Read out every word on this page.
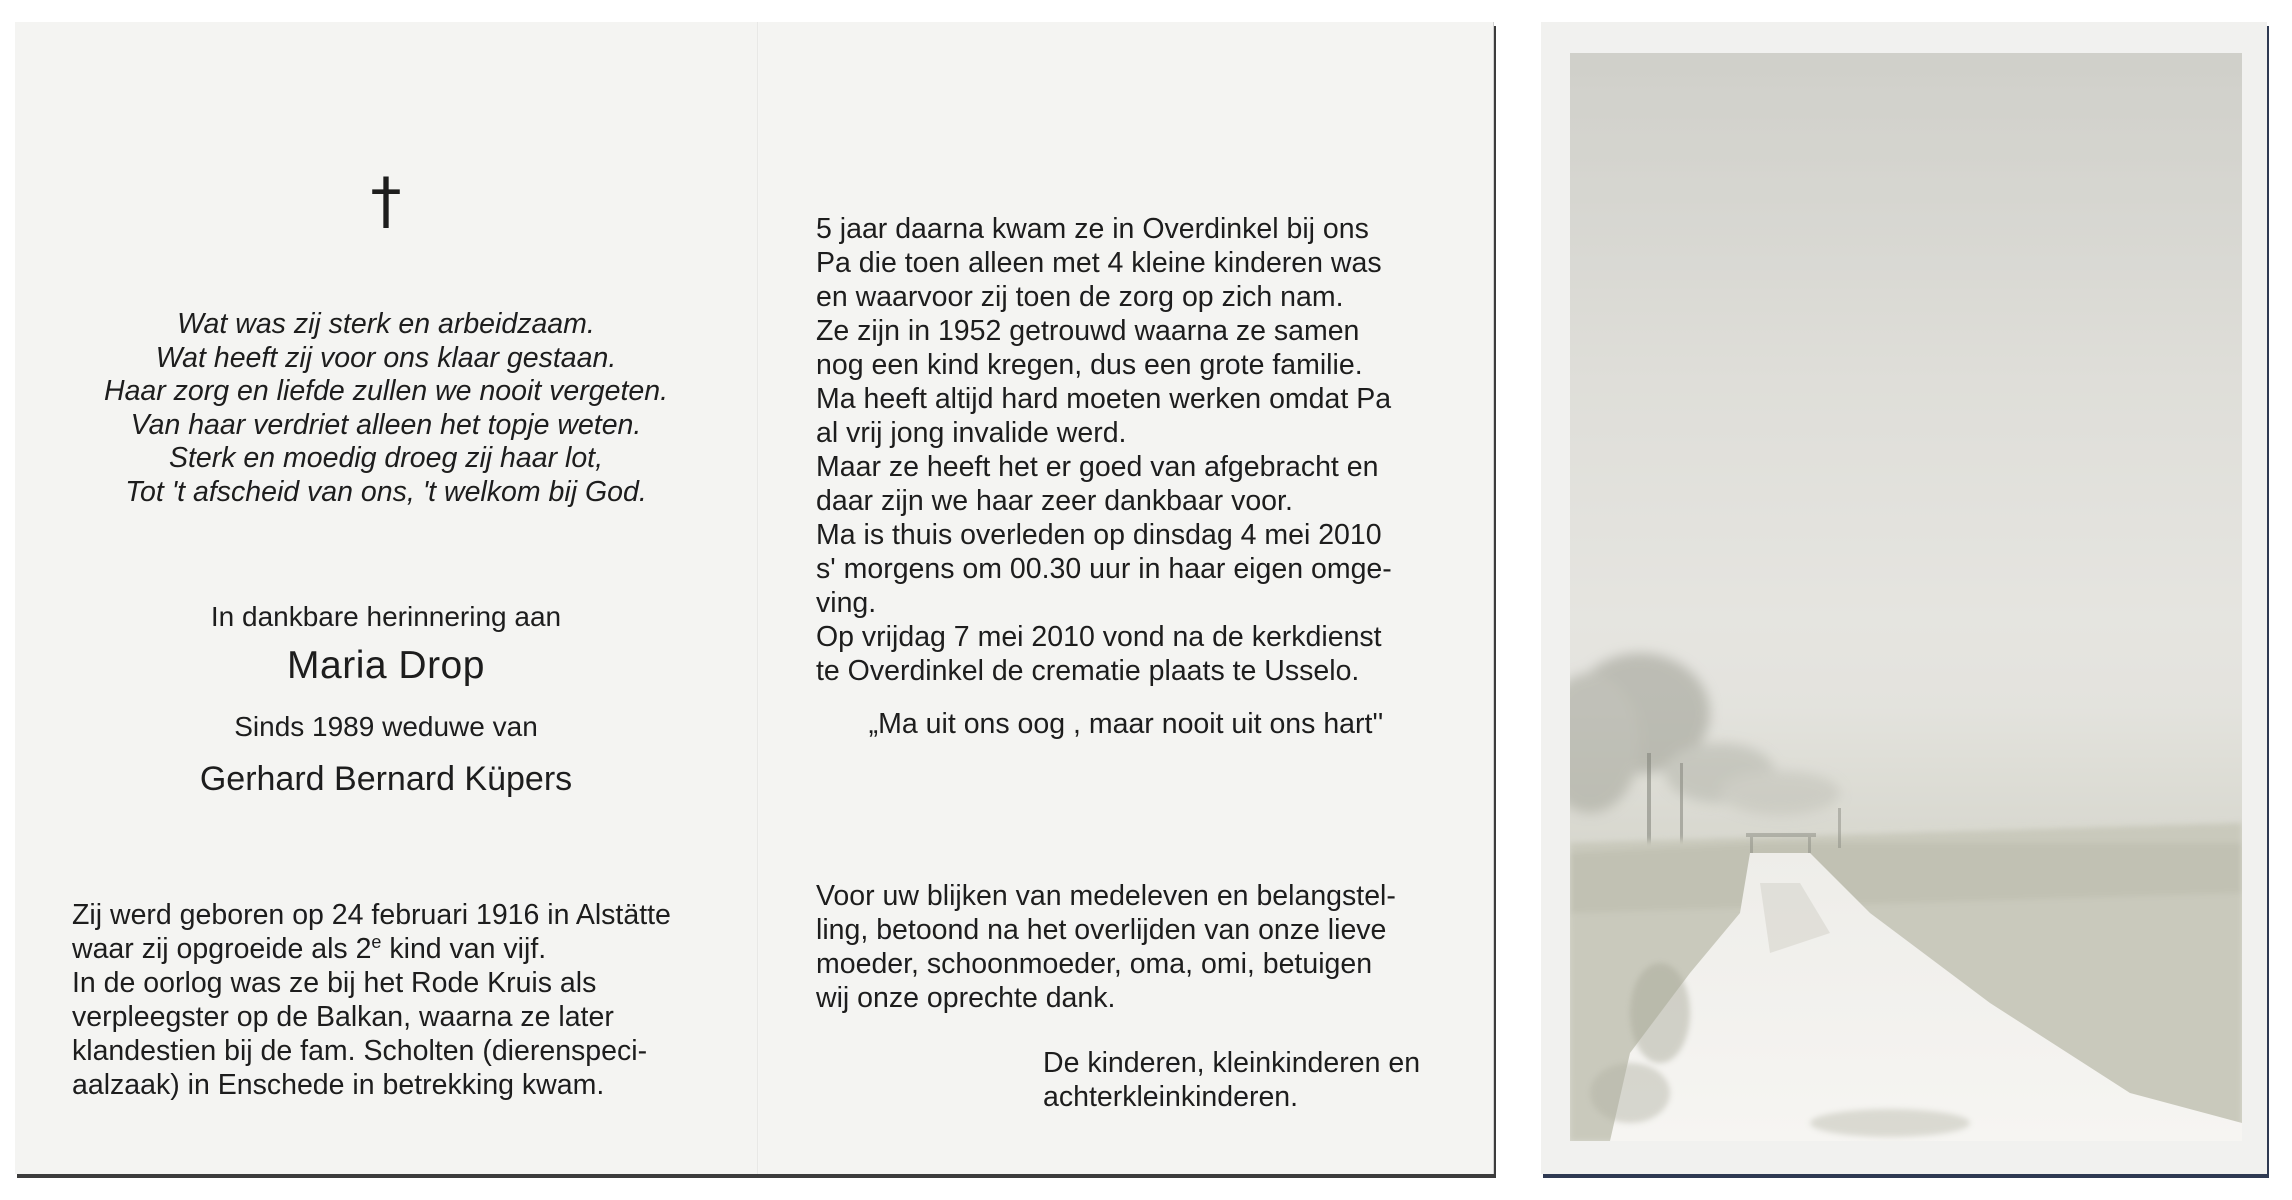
†
Wat was zij sterk en arbeidzaam.
Wat heeft zij voor ons klaar gestaan.
Haar zorg en liefde zullen we nooit vergeten.
Van haar verdriet alleen het topje weten.
Sterk en moedig droeg zij haar lot,
Tot 't afscheid van ons, 't welkom bij God.
In dankbare herinnering aan
Maria Drop
Sinds 1989 weduwe van
Gerhard Bernard Küpers
Zij werd geboren op 24 februari 1916 in Alstätte
waar zij opgroeide als 2e kind van vijf.
In de oorlog was ze bij het Rode Kruis als
verpleegster op de Balkan, waarna ze later
klandestien bij de fam. Scholten (dierenspeci-
aalzaak) in Enschede in betrekking kwam.
5 jaar daarna kwam ze in Overdinkel bij ons
Pa die toen alleen met 4 kleine kinderen was
en waarvoor zij toen de zorg op zich nam.
Ze zijn in 1952 getrouwd waarna ze samen
nog een kind kregen, dus een grote familie.
Ma heeft altijd hard moeten werken omdat Pa
al vrij jong invalide werd.
Maar ze heeft het er goed van afgebracht en
daar zijn we haar zeer dankbaar voor.
Ma is thuis overleden op dinsdag 4 mei 2010
s' morgens om 00.30 uur in haar eigen omge-
ving.
Op vrijdag 7 mei 2010 vond na de kerkdienst
te Overdinkel de crematie plaats te Usselo.
„Ma uit ons oog , maar nooit uit ons hart''
Voor uw blijken van medeleven en belangstel-
ling, betoond na het overlijden van onze lieve
moeder, schoonmoeder, oma, omi, betuigen
wij onze oprechte dank.
De kinderen, kleinkinderen en
achterkleinkinderen.
